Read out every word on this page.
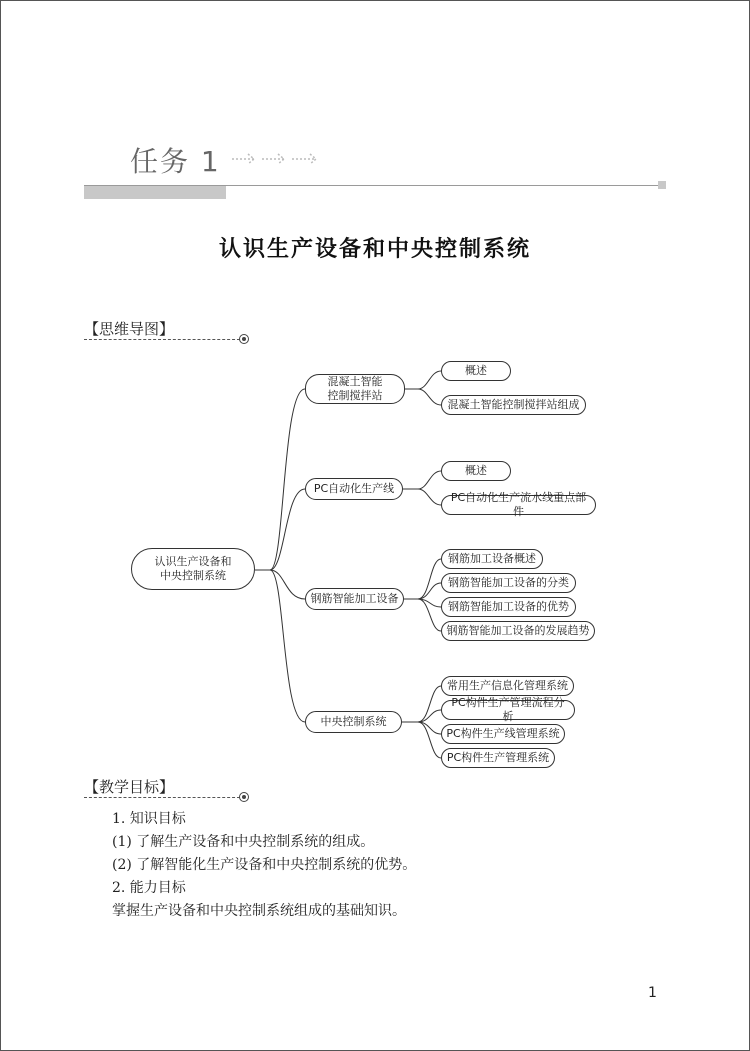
任务 1
认识生产设备和中央控制系统
【思维导图】
认识生产设备和
中央控制系统
混凝土智能
控制搅拌站
概述
混凝土智能控制搅拌站组成
PC自动化生产线
概述
PC自动化生产流水线重点部件
钢筋智能加工设备
钢筋加工设备概述
钢筋智能加工设备的分类
钢筋智能加工设备的优势
钢筋智能加工设备的发展趋势
中央控制系统
常用生产信息化管理系统
PC构件生产管理流程分析
PC构件生产线管理系统
PC构件生产管理系统
【教学目标】
1. 知识目标
(1) 了解生产设备和中央控制系统的组成。
(2) 了解智能化生产设备和中央控制系统的优势。
2. 能力目标
掌握生产设备和中央控制系统组成的基础知识。
1
